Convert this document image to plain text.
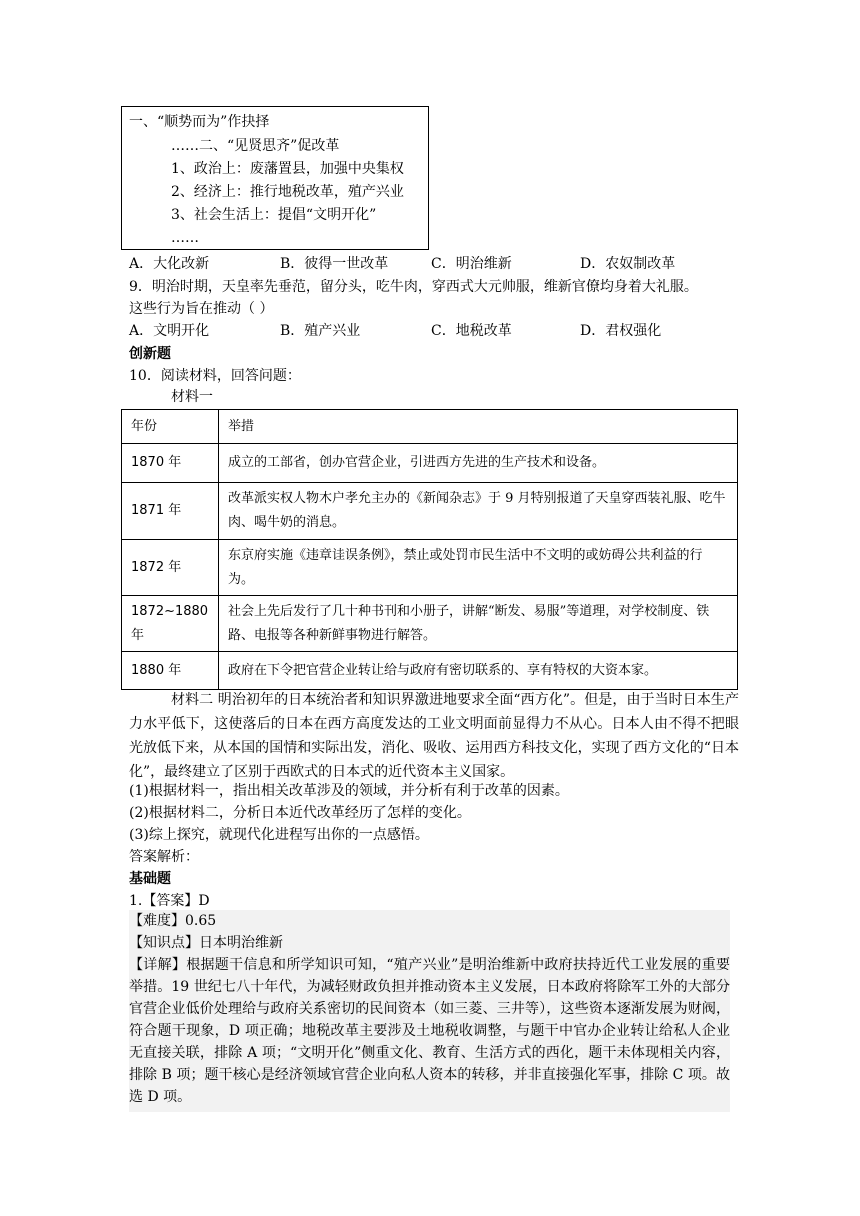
一、“顺势而为”作抉择
……二、“见贤思齐”促改革
1、政治上：废藩置县，加强中央集权
2、经济上：推行地税改革，殖产兴业
3、社会生活上：提倡“文明开化”
……
A．大化改新	B．彼得一世改革	C．明治维新	D．农奴制改革
9．明治时期，天皇率先垂范，留分头，吃牛肉，穿西式大元帅服，维新官僚均身着大礼服。
这些行为旨在推动（ ）
A．文明开化	B．殖产兴业	C．地税改革	D．君权强化
创新题
10．阅读材料，回答问题：
材料一
年份	举措
1870 年	成立的工部省，创办官营企业，引进西方先进的生产技术和设备。
1871 年	改革派实权人物木户孝允主办的《新闻杂志》于 9 月特别报道了天皇穿西装礼服、吃牛肉、喝牛奶的消息。
1872 年	东京府实施《违章诖误条例》，禁止或处罚市民生活中不文明的或妨碍公共利益的行为。
1872~1880 年	社会上先后发行了几十种书刊和小册子，讲解“断发、易服”等道理，对学校制度、铁路、电报等各种新鲜事物进行解答。
1880 年	政府在下令把官营企业转让给与政府有密切联系的、享有特权的大资本家。
材料二 明治初年的日本统治者和知识界激进地要求全面“西方化”。但是，由于当时日本生产力水平低下，这使落后的日本在西方高度发达的工业文明面前显得力不从心。日本人由不得不把眼光放低下来，从本国的国情和实际出发，消化、吸收、运用西方科技文化，实现了西方文化的“日本化”，最终建立了区别于西欧式的日本式的近代资本主义国家。
(1)根据材料一，指出相关改革涉及的领域，并分析有利于改革的因素。
(2)根据材料二，分析日本近代改革经历了怎样的变化。
(3)综上探究，就现代化进程写出你的一点感悟。
答案解析：
基础题
1.【答案】D
【难度】0.65
【知识点】日本明治维新
【详解】根据题干信息和所学知识可知，“殖产兴业”是明治维新中政府扶持近代工业发展的重要举措。19 世纪七八十年代，为减轻财政负担并推动资本主义发展，日本政府将除军工外的大部分官营企业低价处理给与政府关系密切的民间资本（如三菱、三井等），这些资本逐渐发展为财阀，符合题干现象，D 项正确；地税改革主要涉及土地税收调整，与题干中官办企业转让给私人企业无直接关联，排除 A 项；“文明开化”侧重文化、教育、生活方式的西化，题干未体现相关内容，排除 B 项；题干核心是经济领域官营企业向私人资本的转移，并非直接强化军事，排除 C 项。故选 D 项。
